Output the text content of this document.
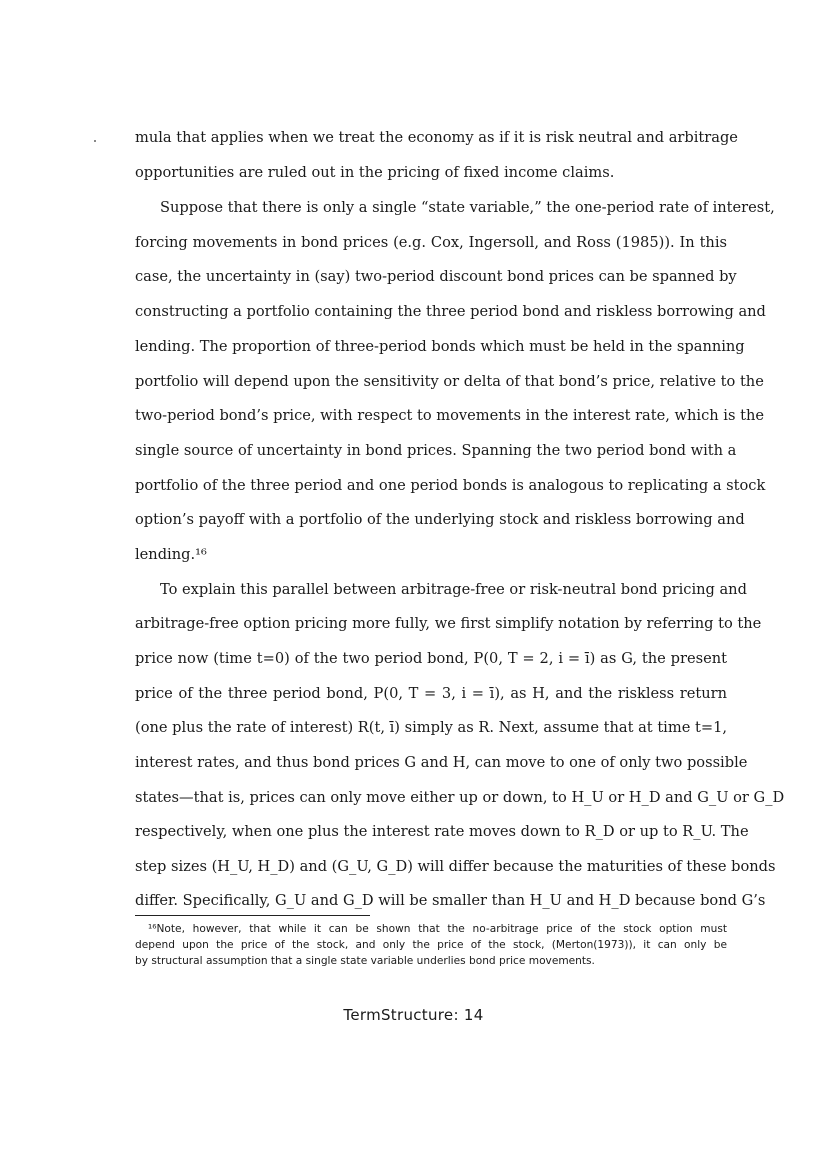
mula that applies when we treat the economy as if it is risk neutral and arbitrage
opportunities are ruled out in the pricing of fixed income claims.
Suppose that there is only a single “state variable,” the one-period rate of interest,
forcing movements in bond prices (e.g. Cox, Ingersoll, and Ross (1985)). In this
case, the uncertainty in (say) two-period discount bond prices can be spanned by
constructing a portfolio containing the three period bond and riskless borrowing and
lending. The proportion of three-period bonds which must be held in the spanning
portfolio will depend upon the sensitivity or delta of that bond’s price, relative to the
two-period bond’s price, with respect to movements in the interest rate, which is the
single source of uncertainty in bond prices. Spanning the two period bond with a
portfolio of the three period and one period bonds is analogous to replicating a stock
option’s payoff with a portfolio of the underlying stock and riskless borrowing and
lending.¹⁶
To explain this parallel between arbitrage-free or risk-neutral bond pricing and
arbitrage-free option pricing more fully, we first simplify notation by referring to the
price now (time t=0) of the two period bond, P(0, T = 2, i = ī) as G, the present
price of the three period bond, P(0, T = 3, i = ī), as H, and the riskless return
(one plus the rate of interest) R(t, ī) simply as R. Next, assume that at time t=1,
interest rates, and thus bond prices G and H, can move to one of only two possible
states—that is, prices can only move either up or down, to H_U or H_D and G_U or G_D
respectively, when one plus the interest rate moves down to R_D or up to R_U. The
step sizes (H_U, H_D) and (G_U, G_D) will differ because the maturities of these bonds
differ. Specifically, G_U and G_D will be smaller than H_U and H_D because bond G’s
¹⁶Note, however, that while it can be shown that the no-arbitrage price of the stock option must
depend upon the price of the stock, and only the price of the stock, (Merton(1973)), it can only be
by structural assumption that a single state variable underlies bond price movements.
TermStructure: 14
